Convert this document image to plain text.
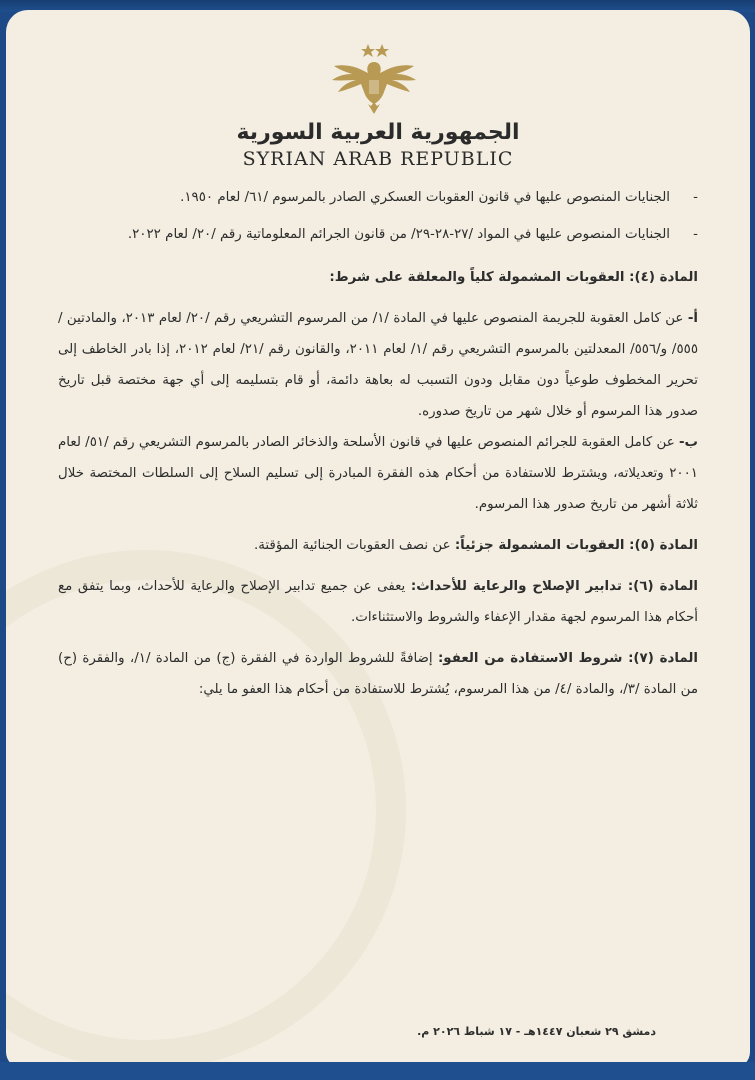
الجمهورية العربية السورية
SYRIAN ARAB REPUBLIC
-
الجنايات المنصوص عليها في قانون العقوبات العسكري الصادر بالمرسوم /٦١/ لعام ١٩٥٠.
-
الجنايات المنصوص عليها في المواد /٢٧-٢٨-٢٩/ من قانون الجرائم المعلوماتية رقم /٢٠/ لعام ٢٠٢٢.
المادة (٤): العقوبات المشمولة كلياً والمعلقة على شرط:
أ- عن كامل العقوبة للجريمة المنصوص عليها في المادة /١/ من المرسوم التشريعي رقم /٢٠/ لعام ٢٠١٣، والمادتين /٥٥٥/ و/٥٥٦/ المعدلتين بالمرسوم التشريعي رقم /١/ لعام ٢٠١١، والقانون رقم /٢١/ لعام ٢٠١٢، إذا بادر الخاطف إلى تحرير المخطوف طوعياً دون مقابل ودون التسبب له بعاهة دائمة، أو قام بتسليمه إلى أي جهة مختصة قبل تاريخ صدور هذا المرسوم أو خلال شهر من تاريخ صدوره.
ب- عن كامل العقوبة للجرائم المنصوص عليها في قانون الأسلحة والذخائر الصادر بالمرسوم التشريعي رقم /٥١/ لعام ٢٠٠١ وتعديلاته، ويشترط للاستفادة من أحكام هذه الفقرة المبادرة إلى تسليم السلاح إلى السلطات المختصة خلال ثلاثة أشهر من تاريخ صدور هذا المرسوم.
المادة (٥): العقوبات المشمولة جزئياً: عن نصف العقوبات الجنائية المؤقتة.
المادة (٦): تدابير الإصلاح والرعاية للأحداث: يعفى عن جميع تدابير الإصلاح والرعاية للأحداث، وبما يتفق مع أحكام هذا المرسوم لجهة مقدار الإعفاء والشروط والاستثناءات.
المادة (٧): شروط الاستفادة من العفو: إضافةً للشروط الواردة في الفقرة (ج) من المادة /١/، والفقرة (ح) من المادة /٣/، والمادة /٤/ من هذا المرسوم، يُشترط للاستفادة من أحكام هذا العفو ما يلي:
دمشق ٢٩ شعبان ١٤٤٧هـ - ١٧ شباط ٢٠٢٦ م.
